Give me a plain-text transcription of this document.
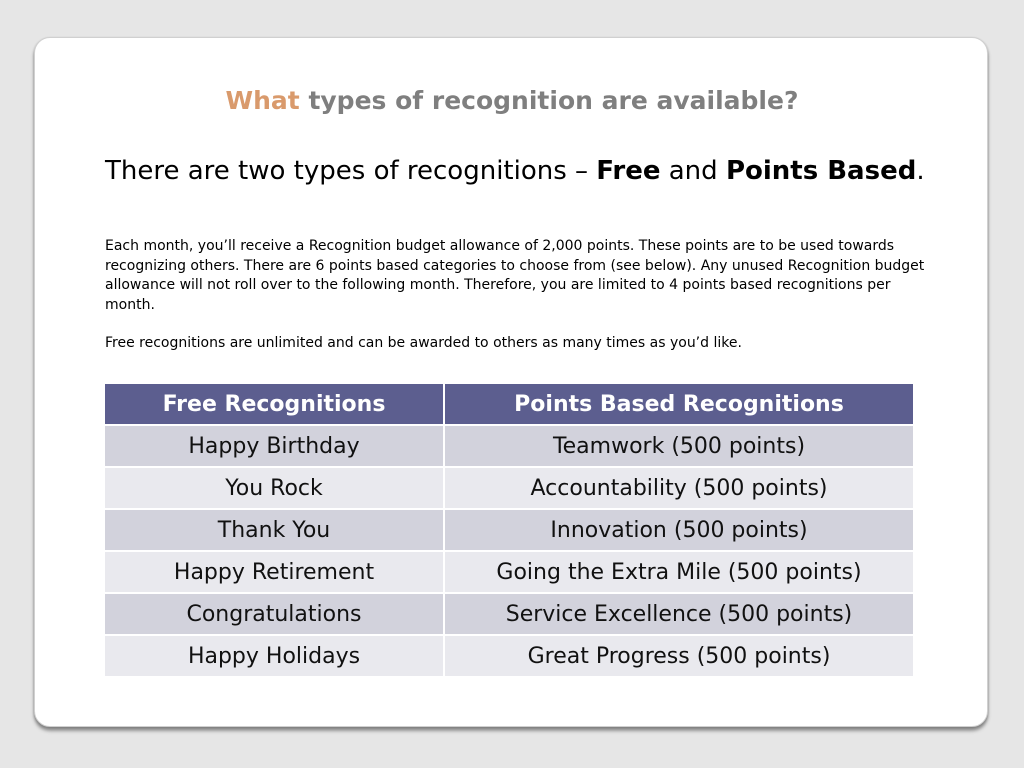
What types of recognition are available?

There are two types of recognitions – Free and Points Based.

Each month, you’ll receive a Recognition budget allowance of 2,000 points. These points are to be used towards recognizing others. There are 6 points based categories to choose from (see below). Any unused Recognition budget allowance will not roll over to the following month. Therefore, you are limited to 4 points based recognitions per month.

Free recognitions are unlimited and can be awarded to others as many times as you’d like.

Free Recognitions	Points Based Recognitions
Happy Birthday	Teamwork (500 points)
You Rock	Accountability (500 points)
Thank You	Innovation (500 points)
Happy Retirement	Going the Extra Mile (500 points)
Congratulations	Service Excellence (500 points)
Happy Holidays	Great Progress (500 points)
